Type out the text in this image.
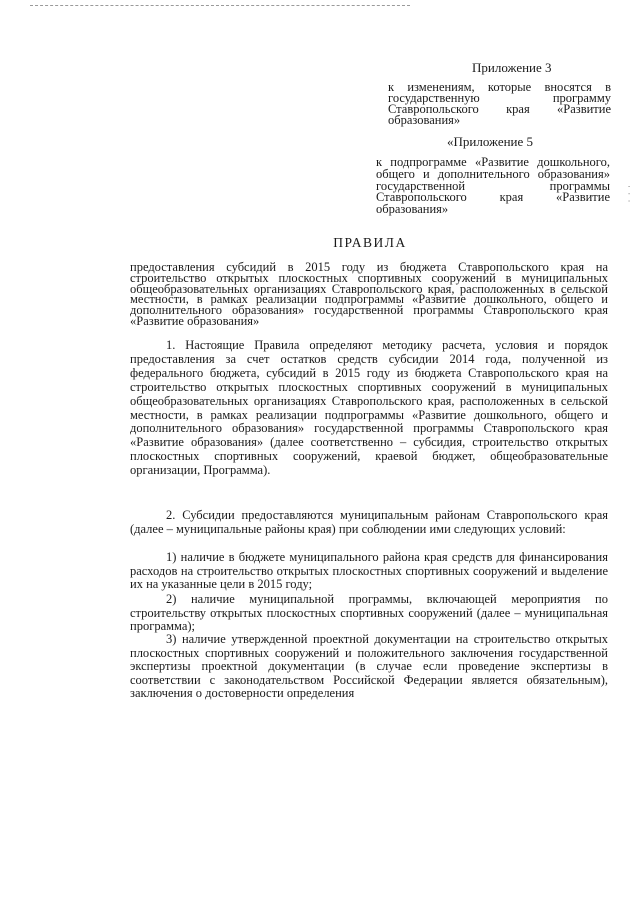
Приложение 3
к изменениям, которые вносятся в государственную программу Ставропольского края «Развитие образования»
«Приложение 5
к подпрограмме «Развитие дошкольного, общего и дополнительного образования» государственной программы Ставропольского края «Развитие образования»
· · ·
ПРАВИЛА
предоставления субсидий в 2015 году из бюджета Ставропольского края на строительство открытых плоскостных спортивных сооружений в муниципальных общеобразовательных организациях Ставропольского края, расположенных в сельской местности, в рамках реализации подпрограммы «Развитие дошкольного, общего и дополнительного образования» государственной программы Ставропольского края «Развитие образования»

1. Настоящие Правила определяют методику расчета, условия и порядок предоставления за счет остатков средств субсидии 2014 года, полученной из федерального бюджета, субсидий в 2015 году из бюджета Ставропольского края на строительство открытых плоскостных спортивных сооружений в муниципальных общеобразовательных организациях Ставропольского края, расположенных в сельской местности, в рамках реализации подпрограммы «Развитие дошкольного, общего и дополнительного образования» государственной программы Ставропольского края «Развитие образования» (далее соответственно – субсидия, строительство открытых плоскостных спортивных сооружений, краевой бюджет, общеобразовательные организации, Программа).

2. Субсидии предоставляются муниципальным районам Ставропольского края (далее – муниципальные районы края) при соблюдении ими следующих условий:

1) наличие в бюджете муниципального района края средств для финансирования расходов на строительство открытых плоскостных спортивных сооружений и выделение их на указанные цели в 2015 году;

2) наличие муниципальной программы, включающей мероприятия по строительству открытых плоскостных спортивных сооружений (далее – муниципальная программа);

3) наличие утвержденной проектной документации на строительство открытых плоскостных спортивных сооружений и положительного заключения государственной экспертизы проектной документации (в случае если проведение экспертизы в соответствии с законодательством Российской Федерации является обязательным), заключения о достоверности определения
